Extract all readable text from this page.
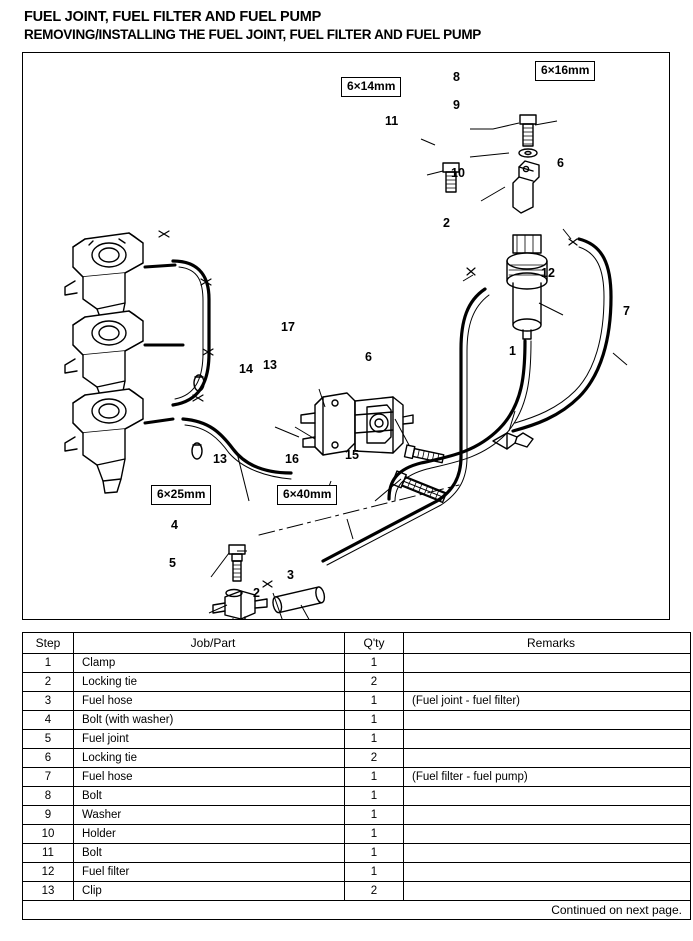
FUEL JOINT, FUEL FILTER AND FUEL PUMP
REMOVING/INSTALLING THE FUEL JOINT, FUEL FILTER AND FUEL PUMP
6×14mm
6×16mm
6×25mm	6×40mm
8
9
11
10
6
2
12
7
17
6	1
14 13
13	16	15
4
5
2
3
Step	Job/Part	Q'ty	Remarks
1	Clamp	1	
2	Locking tie	2	
3	Fuel hose	1	(Fuel joint - fuel filter)
4	Bolt (with washer)	1	
5	Fuel joint	1	
6	Locking tie	2	
7	Fuel hose	1	(Fuel filter - fuel pump)
8	Bolt	1	
9	Washer	1	
10	Holder	1	
11	Bolt	1	
12	Fuel filter	1	
13	Clip	2	
Continued on next page.			
